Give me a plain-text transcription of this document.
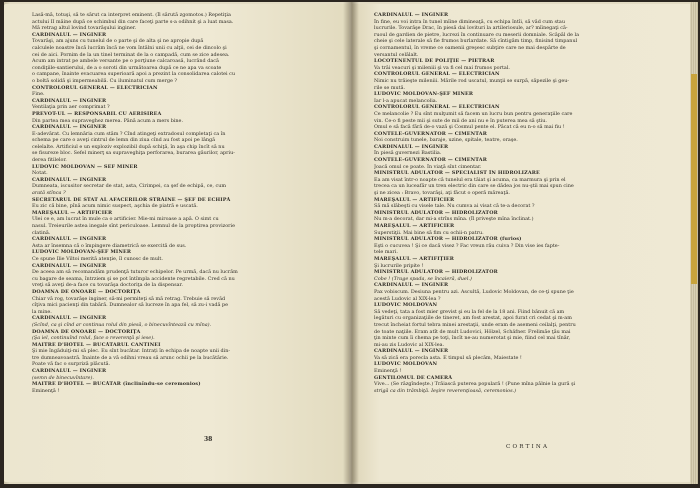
Lasă-mă, totuşi, să te sărut ca interpret eminent. (Îl sărută zgomotos.) Repetiţia
actului II mâine după ce schimbul din care faceţi parte s-a odihnit şi a luat masa.
Mă retrag altul lovind tovarăşului inginer.
CARDINALUL — INGINER
Tovarăşi, am ajuns cu tunelul de o parte şi de alta şi ne apropie după
calculele noastre încă lucrăm încă ne vom întâlni unii cu alţii, cei de dincolo şi
cei de aici. Pornim de la un tinel terminat de la o campadă, cum se zice adesea.
Acum am intrat pe ambele versante pe o porţiune calcaroasă, lucrând dacă
condiţiile-santierului, de a o soroti din următoarea după ce ne apa va scoate
o campane, înainte evacuarea superioară apoi a prezint la consolidarea calotei cu
o boltă solidă şi impermeabilă. Cu iluminatul cum merge ?
CONTROLORUL GENERAL — ELECTRICIAN
Fine.
CARDINALUL — INGINER
Ventilaţia prin aer comprimat ?
PREVOT-UL — RESPONSABIL CU AERISIREA
Din partea mea supraveghez merea. Până acum a mers bine.
CARDINALUL — INGINER
E-adevărat. Cu lemnăria cum stăm ? Cînd atingeţi extradosul completaţi ca în
schema pe care o aveţi cintrul de lemn din ziua cînd au fost apoi pe lângă
celelalte. Artificiul e un exploziv explozibil după schiţă, în aşa chip încît să nu
se fisureze bloc. Sefel minerţ sa supraveghiţa perforarea, burarea găurilor, apriu-
derea fitilelor.
LUDOVIC MOLDOVAN — SEF MINER
Notat.
CARDINALUL — INGINER
Dumneata, iscusitor secretar de stat, asta, Cirimpei, ca şef de echipă, ce, cum
arată stînca ?
SECRETARUL DE STAT AL AFACERILOR STRĂINE — ŞEF DE ECHIPĂ
Eu zic că bine, pînă acum nimic suspect, aşchia de piatră e uscată.
MAREŞALUL — ARTIFICIER
Ulei ce e, am lucrat în mule ca o artificier. Mie-mi miroase a apă. O simt cu
nasul. Treieurile astea inegale sînt periculoase. Lemnul de la proptirea provizorie
clatină.
CARDINALUL — INGINER
Asta ar însemna că o împingere diametrică se exercită de sus.
LUDOVIC MOLDOVAN-ŞEF MINER
Ce spune Ilie Viltoi merită atenţie, îl cunosc de mult.
CARDINALUL — INGINER
De aceea am să recomandăm prudenţă tuturor echipelor. Pe urmă, dacă nu lucrăm
cu bagare de seama, întrziem şi se pot întîmpla accidente regretabile. Cred că nu
vreţi să aveţi de-a face cu tovarăşa doctoriţa de la dispensar.
DOAMNA DE ONOARE — DOCTORIŢA
Chiar vă rog, tovarăşe inginer, să-mi permiteţi să mă retrag. Trebuie să revăd
cîţiva mici pacienţi din tabără. Dumnealor să lucreze în apa fel, să zu-i vadă pe
la mine.
CARDINALUL — INGINER
(Scînd, ca şi cînd ar continua rolul din piesă, o binecuvîntează cu mîna).
DOAMNA DE ONOARE — DOCTORIŢA
(Şa iel, continuînd rolul, face o reverenţă şi iese).
MAITRE D'HÔTEL — BUCĂTARUL CANTINEI
Şi mie îngăduiţi-mi să plec. Eu sînt bucătar. Intrați în echipa de noapte unii din-
tre dumneavoastră. Înainte de a vă odihni vreau să arunc ochii pe la bucătărie.
Poate vă fac o surpriză plăcută.
CARDINALUL — INGINER
(semn de binecuvîntare).
MAITRE D'HÔTEL — BUCĂTAR (înclinîndu-se ceremonios)
Eminenţă !
38
CARDINALUL — INGINER
În fine, eu voi intra în tunel mîine dimineaţă, cu echipa întîi, să văd cum stau
lucrurile. Tovarăşe Drac, în piesă dai lovituri la artileriosule, ar? mîinegaţi că-
ruoul de gardien de pietre, lucrezi în continuare cu meserii domniale. Scăpăl de la
cheie şi cele laterale să fie frumos burlardate. Să cîntigăm timp, finisind timpanul
şi cornamentul, în vreme ce oamenii greşesc subţire care ne mai despărte de
versantul celălalt.
LOCOTENENTUL DE POLIŢIE — PIETRAR
Va trăi veacuri şi mileniii şi va fi cel mai frumos portal.
CONTROLORUL GENERAL — ELECTRICIAN
Nimic nu trăieşte mileniii. Mările rod uscatul, munţii se surpă, săpezile şi geu-
rile se mută.
LUDOVIC MOLDOVAN-ŞEF MINER
Iar l-a apucat melancolia.
CONTROLORUL GENERAL — ELECTRICIAN
Ce melancolie ? Eu sînt mulţumit să facem un lucru bun pentru generaţiile care
vin. Ce-o fi peste mii şi sute de mii de ani nu e în puterea mea să ştiu.
Omul e să facă fără de-o vază şi Cosmul pente el. Păcat că eu n-o să mai fiu !
CONTELE-GUVERNATOR — CIMENTAR
Noi construim tunele, baraje, uzine, spitale, teatre, oraşe.
CARDINALUL — INGINER
În piesă guvernezi Bastilia.
CONTELE-GUVERNATOR — CIMENTAR
Joacă omul ce poate. În viaţă sînt cimentar.
MINISTRUL ADULATOR — SPECIALIST ÎN HIDROLIZARE
Ea am visat într-o noapte că tunelul era tăiat şi acuma, ca marmura şi prin el
trecea ca un luceafăr un tren electric din care se dădea jos nu-ştii mai spun cine
şi ne zicea : Bravo, tovarăşi, aţi făcut o operă măreaţă.
MAREŞALUL — ARTIFICIER
Să mă slăbeşti cu visele tale. Nu cumva ai visat că te-a decorat ?
MINISTRUL ADULATOR — HIDROLIZATOR
Nu m-a decorat, dar mi-a strîns mîna. (Îl priveşte mîna înclinat.)
MAREŞALUL — ARTIFICIER
Superstiţii. Mai bine să fim cu ochii-n patru.
MINISTRUL ADULATOR — HIDROLIZATOR (furios)
Eşti o cucuvea ! Şi ce dacă visez ? Fac vreun rău cuiva ? Din vise ies fapte-
tele mari.
MAREŞALUL — ARTIFIŢIER
Şi lucrurile pripite !
MINISTRUL ADULATOR — HIDROLIZATOR
Cobe ! (Trage spada, se încaieră, duel.)
CARDINALUL — INGINER
Pax vobiscum. Desiuna pentru azi. Ascultă, Ludovic Moldovan, de ce-ţi spune ţie
acestă Ludovic al XIX-lea ?
LUDOVIC MOLDOVAN
Să vedeţi, tata a fost mier grevist şi eu la fel de la 18 ani. Fiind bănuit că am
legături cu organizaţiile de tineret, am fost arestat, apoi furat cri cedat şi m-am
trecut încheiat fortul tebra minei arestaţii, unde eram de asemeni ceilalţi, pentru
de toate naţiile. Eram atît de mult Ludovici, Hölzel, Schäfner. Frelimăe ţău mai
ţin minte cum îi chema pe toţi, încît ne-au numerotat şi mie, fiind cel mai tînăr,
mi-au zis Ludovic al XIX-lea.
CARDINALUL — INGINER
Va să zică era porecla asta. E timpul să plecăm, Maiestate !
LUDOVIC MOLDOVAN
Eminenţă !
GENTILOMUL DE CAMERĂ
Vive... (Se răzgîndeşte.) Trăiască puterea populară ! (Pune mîna pâlnie la gură şi
strigă ca din trâmbiţă. Ieşire reverenţioasă, ceremonios.)
CORTINA
